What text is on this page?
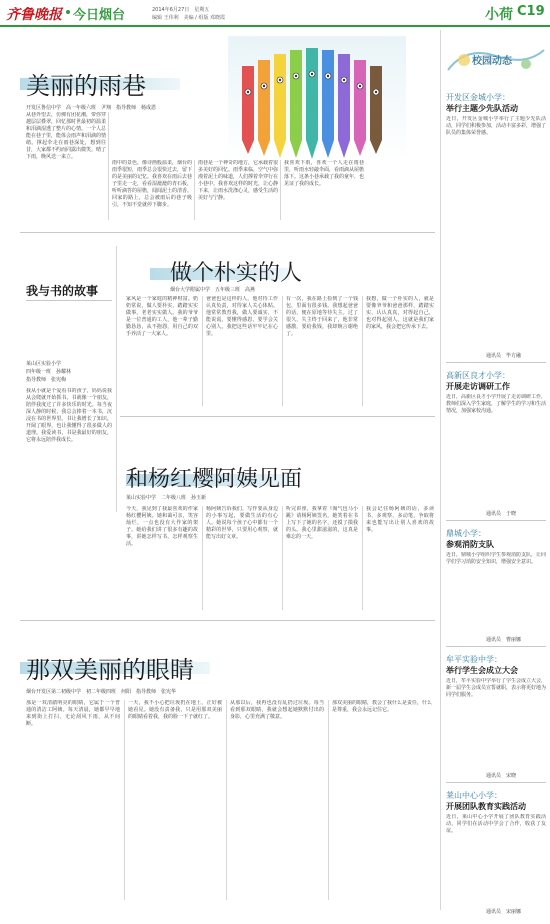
齐鲁晚报 今日烟台	2014年6月27日　星期五
编辑 王伟利　美编 / 组版 邓晓霞	小荷 C19
美丽的雨巷
开发区鲁信中学　高一年级六班　尹翔　指导教师　杨成恩
从巷外望去，仿佛有团花潮，带你穿越层层叠翠，回忆那时世最初的温柔和泪滴湿透了整片的心情。一个人总能在巷子里，能体会雨声和泪滴的情绪。撑起伞走在雨巷深处，想到往昔，大家都不约而同露出微笑。晴了下雨，晚风送一来立。
雨中的景色，像诗画般温柔，烟台的雨季很短，雨季总会很快过去，留下的是美丽的记忆。我喜欢在雨后去巷子里走一走，看看湿漉漉的青石板，听听滴答的屋檐，闻闻泥土的清香。回家的路上，总会被雨后的巷子吸引，不知不觉就停下脚步。
雨巷是一个神奇的地方，它承载着很多美好的回忆。雨季来临，空气中弥漫着泥土的味道，人们撑着伞穿行在小巷中。我喜欢这样的时光，让心静下来，让雨水洗涤心灵，感受生活的美好与宁静。
我喜欢下雨，喜欢一个人走在雨巷里，听雨水轻敲伞面，看雨滴从屋檐落下。这条小巷承载了我的童年，也见证了我的成长。
我与书的故事
莱山区实验小学
四年级一班　孙耀林
指导教师　张宪梅
我从小就是个爱看书的孩子，妈妈说我从会爬就开始抓书。书就像一个朋友，陪伴我度过了许多快乐的时光。每当夜深人静的时候，我总会捧着一本书，沉浸在书的世界里。书让我增长了知识，开阔了眼界，也让我懂得了很多做人的道理。我爱读书，书是我最好的朋友，它将永远陪伴我成长。
做个朴实的人
烟台大学附属中学　五年级三班　高燕
家风是一个家庭的精神财富。奶奶常说，做人要朴实，踏踏实实做事，老老实实做人。我的爷爷是一位普通的工人，他一辈子勤勤恳恳，从不抱怨，用自己的双手养活了一大家人。
爸爸也是这样的人，他对待工作认真负责，对待家人关心体贴。他常常教育我，做人要诚实，不能说谎，要懂得感恩，要学会关心别人。我把这些话牢牢记在心里。
有一次，我在路上捡到了一个钱包，里面有很多钱。我想起爸爸的话，便在原地等待失主。过了很久，失主终于回来了，他非常感激，要给我钱，我却婉言谢绝了。
我想，做一个朴实的人，就是要像爷爷和爸爸那样，踏踏实实，认认真真，对得起自己，也对得起别人。这就是我们家的家风，我会把它传承下去。
和杨红樱阿姨见面
莱山实验中学　二年级八班　孙玉新
今天，我见到了我最喜欢的作家杨红樱阿姨。她和蔼可亲，笑容灿烂，一点也没有大作家的架子。她给我们讲了很多有趣的故事，讲她怎样写书，怎样观察生活。
杨阿姨告诉我们，写作要从身边的小事写起，要做生活的有心人。她说每个孩子心中都有一个精彩的世界，只要用心观察，就能写出好文章。
听完讲座，我拿着《淘气包马小跳》请杨阿姨签名，她笑着在书上写下了她的名字，还摸了摸我的头。我心里甜滋滋的，这真是难忘的一天。
我会记住杨阿姨的话，多读书，多观察，多动笔，争取将来也能写出让别人喜欢的故事。
那双美丽的眼睛
烟台开发区第二初级中学　初二年级四班　何阳　指导教师　张宪华
那是一双清澈明亮的眼睛，它属于一个普通的清洁工阿姨。每天清晨，她都早早地来到街上打扫，无论刮风下雨，从不间断。
一天，我不小心把垃圾扔在地上，正好被她看见。她没有责备我，只是用那双美丽的眼睛看着我，我的脸一下子就红了。
从那以后，我再也没有乱扔过垃圾。每当看到那双眼睛，我就会想起她默默付出的身影，心里充满了敬意。
那双美丽的眼睛，教会了我什么是责任，什么是尊重，我会永远记住它。
校园动态
开发区金城小学：
举行主题少先队活动
近日，开发区金城小学举行了主题少先队活动，同学们积极参加，活动丰富多彩，增强了队员的集体荣誉感。
通讯员　毕方融
高新区良才小学：
开展走访调研工作
近日，高新区良才小学开展了走访调研工作，教师们深入学生家庭，了解学生的学习和生活情况，加强家校沟通。
通讯员　于晓
鼎城小学：
参观消防支队
近日，鼎城小学组织学生参观消防支队，让同学们学习消防安全知识，增强安全意识。
通讯员　曹丽娜
牟平实验中学：
举行学生会成立大会
近日，牟平实验中学举行了学生会成立大会，新一届学生会成员宣誓就职，表示将更好地为同学们服务。
通讯员　宋晓
莱山中心小学：
开展团队教育实践活动
近日，莱山中心小学开展了团队教育实践活动，同学们在活动中学会了合作，收获了友谊。
通讯员　宋丽娜
